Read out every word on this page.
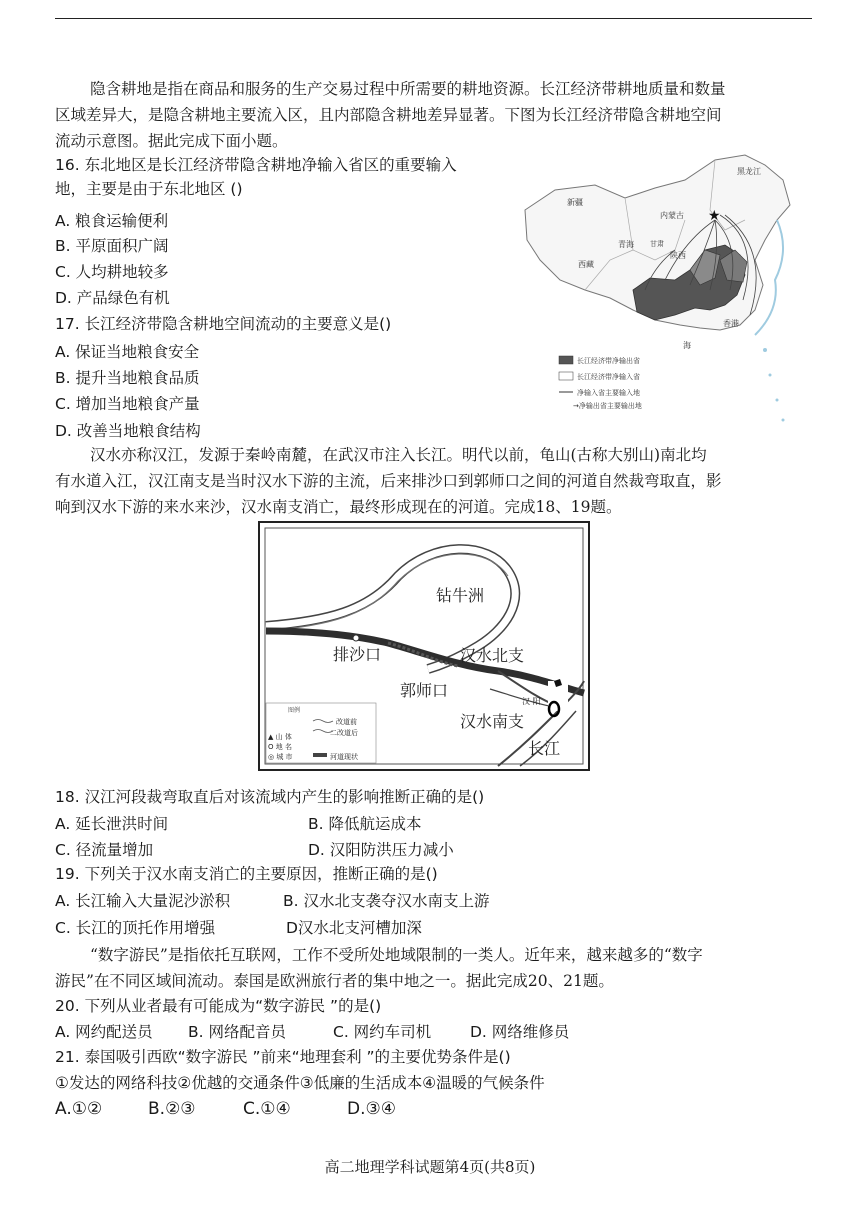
隐含耕地是指在商品和服务的生产交易过程中所需要的耕地资源。长江经济带耕地质量和数量
区域差异大，是隐含耕地主要流入区，且内部隐含耕地差异显著。下图为长江经济带隐含耕地空间
流动示意图。据此完成下面小题。
16. 东北地区是长江经济带隐含耕地净输入省区的重要输入
地，主要是由于东北地区 ()
A. 粮食运输便利
B. 平原面积广阔
C. 人均耕地较多
D. 产品绿色有机
17. 长江经济带隐含耕地空间流动的主要意义是()
A. 保证当地粮食安全
B. 提升当地粮食品质
C. 增加当地粮食产量
D. 改善当地粮食结构
★
黑龙江
新疆
内蒙古
青海 甘肃
陕西
西藏
香港
海
长江经济带净输出省
长江经济带净输入省
净输入省主要输入地
→净输出省主要输出地
汉水亦称汉江，发源于秦岭南麓，在武汉市注入长江。明代以前，龟山(古称大别山)南北均
有水道入江，汉江南支是当时汉水下游的主流，后来排沙口到郭师口之间的河道自然裁弯取直，影
响到汉水下游的来水来沙，汉水南支消亡，最终形成现在的河道。完成18、19题。
钻牛洲
排沙口	汉水北支
郭师口
汉 阳
汉水南支
长江
图例
▲ 山 体
O 地 名
◎ 城 市
改道前
二改道后
河道现状
18. 汉江河段裁弯取直后对该流域内产生的影响推断正确的是()
A. 延长泄洪时间	B. 降低航运成本
C. 径流量增加	D. 汉阳防洪压力减小
19. 下列关于汉水南支消亡的主要原因，推断正确的是()
A. 长江输入大量泥沙淤积	B. 汉水北支袭夺汉水南支上游
C. 长江的顶托作用增强	D汉水北支河槽加深
“数字游民”是指依托互联网，工作不受所处地域限制的一类人。近年来，越来越多的“数字
游民”在不同区域间流动。泰国是欧洲旅行者的集中地之一。据此完成20、21题。
20. 下列从业者最有可能成为“数字游民 ”的是()
A. 网约配送员 B. 网络配音员	C. 网约车司机	D. 网络维修员
21. 泰国吸引西欧“数字游民 ”前来“地理套利 ”的主要优势条件是()
①发达的网络科技②优越的交通条件③低廉的生活成本④温暖的气候条件
A.①②	B.②③	C.①④	D.③④
高二地理学科试题第4页(共8页)
